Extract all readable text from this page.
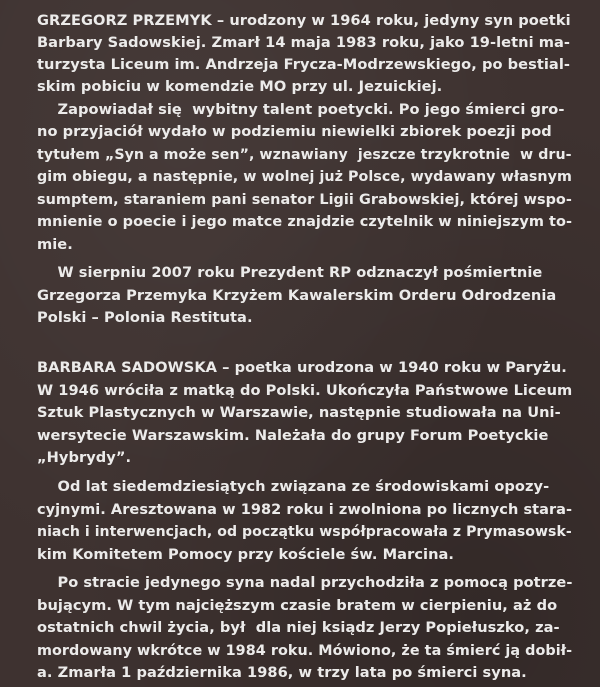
GRZEGORZ PRZEMYK – urodzony w 1964 roku, jedyny syn poetki
Barbary Sadowskiej. Zmarł 14 maja 1983 roku, jako 19-letni ma-
turzysta Liceum im. Andrzeja Frycza-Modrzewskiego, po bestial-
skim pobiciu w komendzie MO przy ul. Jezuickiej.
Zapowiadał się  wybitny talent poetycki. Po jego śmierci gro-
no przyjaciół wydało w podziemiu niewielki zbiorek poezji pod
tytułem „Syn a może sen”, wznawiany  jeszcze trzykrotnie  w dru-
gim obiegu, a następnie, w wolnej już Polsce, wydawany własnym
sumptem, staraniem pani senator Ligii Grabowskiej, której wspo-
mnienie o poecie i jego matce znajdzie czytelnik w niniejszym to-
mie.
W sierpniu 2007 roku Prezydent RP odznaczył pośmiertnie
Grzegorza Przemyka Krzyżem Kawalerskim Orderu Odrodzenia
Polski – Polonia Restituta.
BARBARA SADOWSKA – poetka urodzona w 1940 roku w Paryżu.
W 1946 wróciła z matką do Polski. Ukończyła Państwowe Liceum
Sztuk Plastycznych w Warszawie, następnie studiowała na Uni-
wersytecie Warszawskim. Należała do grupy Forum Poetyckie
„Hybrydy”.
Od lat siedemdziesiątych związana ze środowiskami opozy-
cyjnymi. Aresztowana w 1982 roku i zwolniona po licznych stara-
niach i interwencjach, od początku współpracowała z Prymasowsk-
kim Komitetem Pomocy przy kościele św. Marcina.
Po stracie jedynego syna nadal przychodziła z pomocą potrze-
bującym. W tym najcięższym czasie bratem w cierpieniu, aż do
ostatnich chwil życia, był  dla niej ksiądz Jerzy Popiełuszko, za-
mordowany wkrótce w 1984 roku. Mówiono, że ta śmierć ją dobił-
a. Zmarła 1 października 1986, w trzy lata po śmierci syna.
